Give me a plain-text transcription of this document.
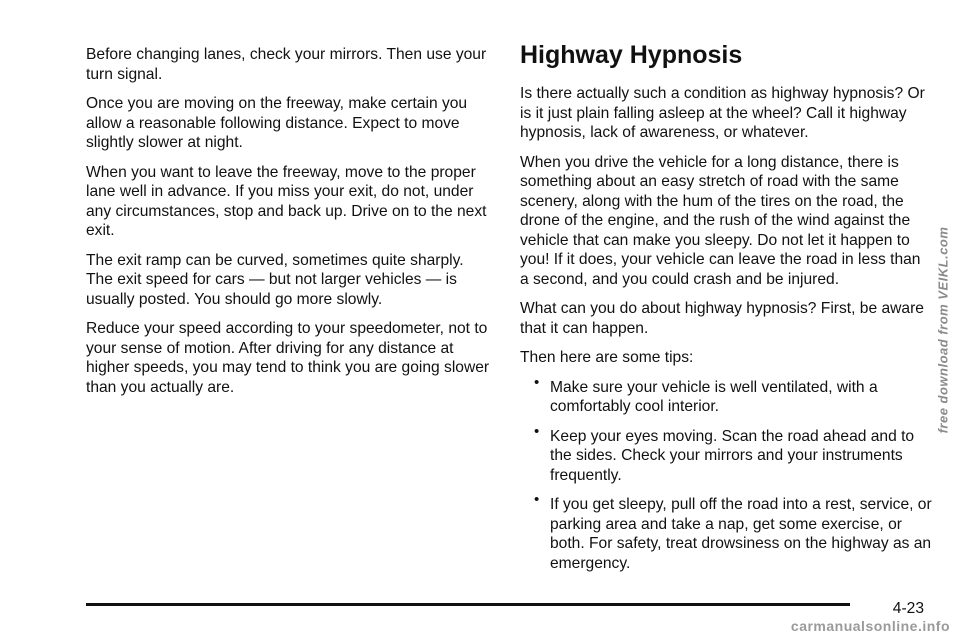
Before changing lanes, check your mirrors. Then use your turn signal.

Once you are moving on the freeway, make certain you allow a reasonable following distance. Expect to move slightly slower at night.

When you want to leave the freeway, move to the proper lane well in advance. If you miss your exit, do not, under any circumstances, stop and back up. Drive on to the next exit.

The exit ramp can be curved, sometimes quite sharply. The exit speed for cars — but not larger vehicles — is usually posted. You should go more slowly.

Reduce your speed according to your speedometer, not to your sense of motion. After driving for any distance at higher speeds, you may tend to think you are going slower than you actually are.

Highway Hypnosis

Is there actually such a condition as highway hypnosis? Or is it just plain falling asleep at the wheel? Call it highway hypnosis, lack of awareness, or whatever.

When you drive the vehicle for a long distance, there is something about an easy stretch of road with the same scenery, along with the hum of the tires on the road, the drone of the engine, and the rush of the wind against the vehicle that can make you sleepy. Do not let it happen to you! If it does, your vehicle can leave the road in less than a second, and you could crash and be injured.

What can you do about highway hypnosis? First, be aware that it can happen.

Then here are some tips:

• Make sure your vehicle is well ventilated, with a comfortably cool interior.
• Keep your eyes moving. Scan the road ahead and to the sides. Check your mirrors and your instruments frequently.
• If you get sleepy, pull off the road into a rest, service, or parking area and take a nap, get some exercise, or both. For safety, treat drowsiness on the highway as an emergency.
4-23
free download from VEIKL.com
carmanualsonline.info
